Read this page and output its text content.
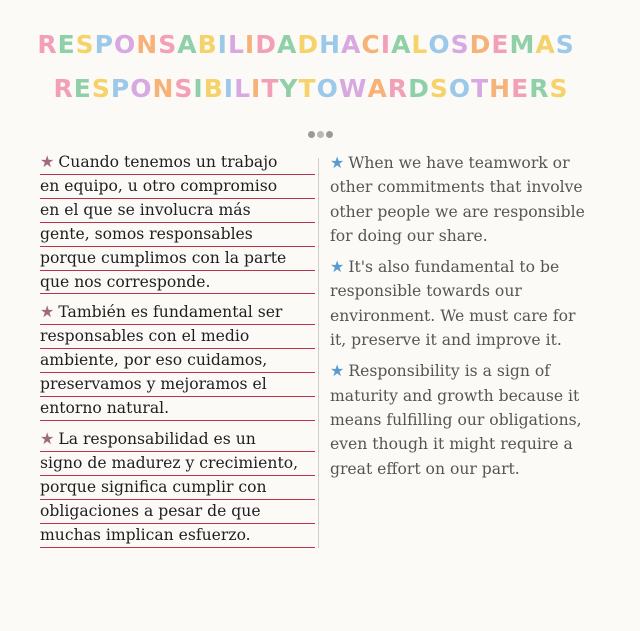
RESPONSABILIDADHACIALOSDEMAS
RESPONSIBILITYTOWARDSOTHERS

★ Cuando tenemos un trabajo
en equipo, u otro compromiso
en el que se involucra más
gente, somos responsables
porque cumplimos con la parte
que nos corresponde.

★ También es fundamental ser
responsables con el medio
ambiente, por eso cuidamos,
preservamos y mejoramos el
entorno natural.

★ La responsabilidad es un
signo de madurez y crecimiento,
porque significa cumplir con
obligaciones a pesar de que
muchas implican esfuerzo.

★ When we have teamwork or
other commitments that involve
other people we are responsible
for doing our share.

★ It's also fundamental to be
responsible towards our
environment. We must care for
it, preserve it and improve it.

★ Responsibility is a sign of
maturity and growth because it
means fulfilling our obligations,
even though it might require a
great effort on our part.
